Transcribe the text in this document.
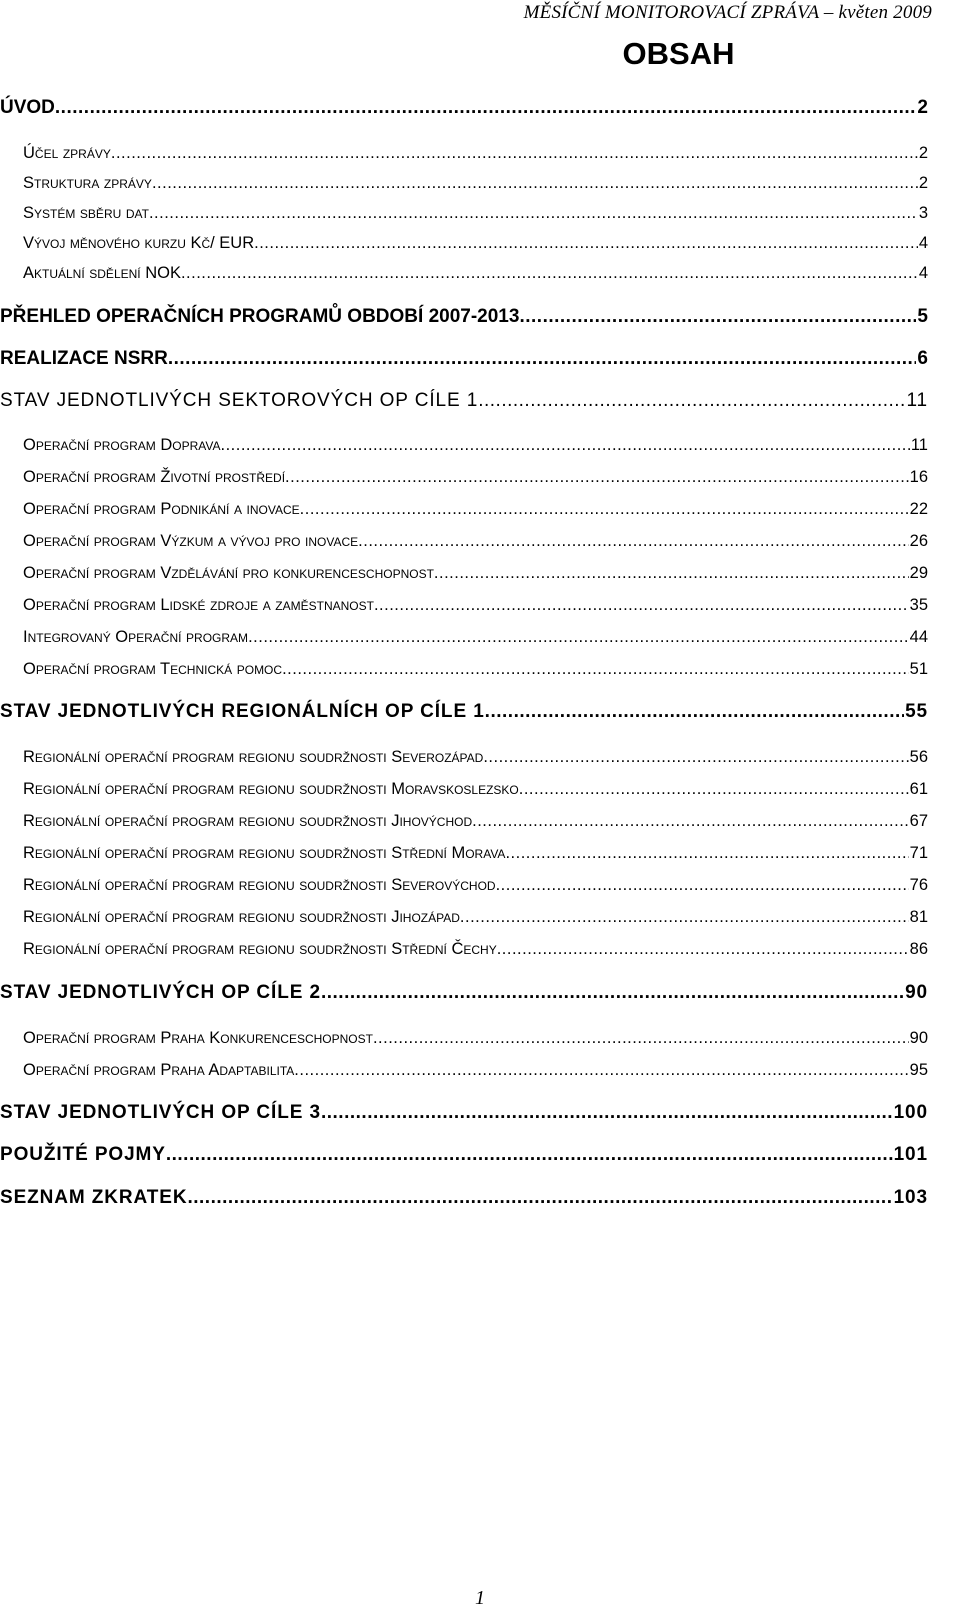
MĚSÍČNÍ MONITOROVACÍ ZPRÁVA – květen 2009
OBSAH
ÚVOD .....	2
Účel zprávy .....	2
Struktura zprávy .....	2
Systém sběru dat .....	3
Vývoj měnového kurzu Kč/ EUR .....	4
Aktuální sdělení NOK .....	4
PŘEHLED OPERAČNÍCH PROGRAMŮ OBDOBÍ 2007-2013 .....	5
REALIZACE NSRR .....	6
STAV JEDNOTLIVÝCH SEKTOROVÝCH OP CÍLE 1 .....	11
Operační program Doprava .....	11
Operační program Životní prostředí .....	16
Operační program Podnikání a inovace .....	22
Operační program Výzkum a vývoj pro inovace .....	26
Operační program Vzdělávání pro konkurenceschopnost .....	29
Operační program Lidské zdroje a zaměstnanost .....	35
Integrovaný Operační program .....	44
Operační program Technická pomoc .....	51
STAV JEDNOTLIVÝCH REGIONÁLNÍCH OP CÍLE 1 .....	55
Regionální operační program regionu soudržnosti Severozápad .....	56
Regionální operační program regionu soudržnosti Moravskoslezsko .....	61
Regionální operační program regionu soudržnosti Jihovýchod .....	67
Regionální operační program regionu soudržnosti Střední Morava .....	71
Regionální operační program regionu soudržnosti Severovýchod .....	76
Regionální operační program regionu soudržnosti Jihozápad .....	81
Regionální operační program regionu soudržnosti Střední Čechy .....	86
STAV JEDNOTLIVÝCH OP CÍLE 2 .....	90
Operační program Praha Konkurenceschopnost .....	90
Operační program Praha Adaptabilita .....	95
STAV JEDNOTLIVÝCH OP CÍLE 3 .....	100
POUŽITÉ POJMY .....	101
SEZNAM ZKRATEK .....	103
1
